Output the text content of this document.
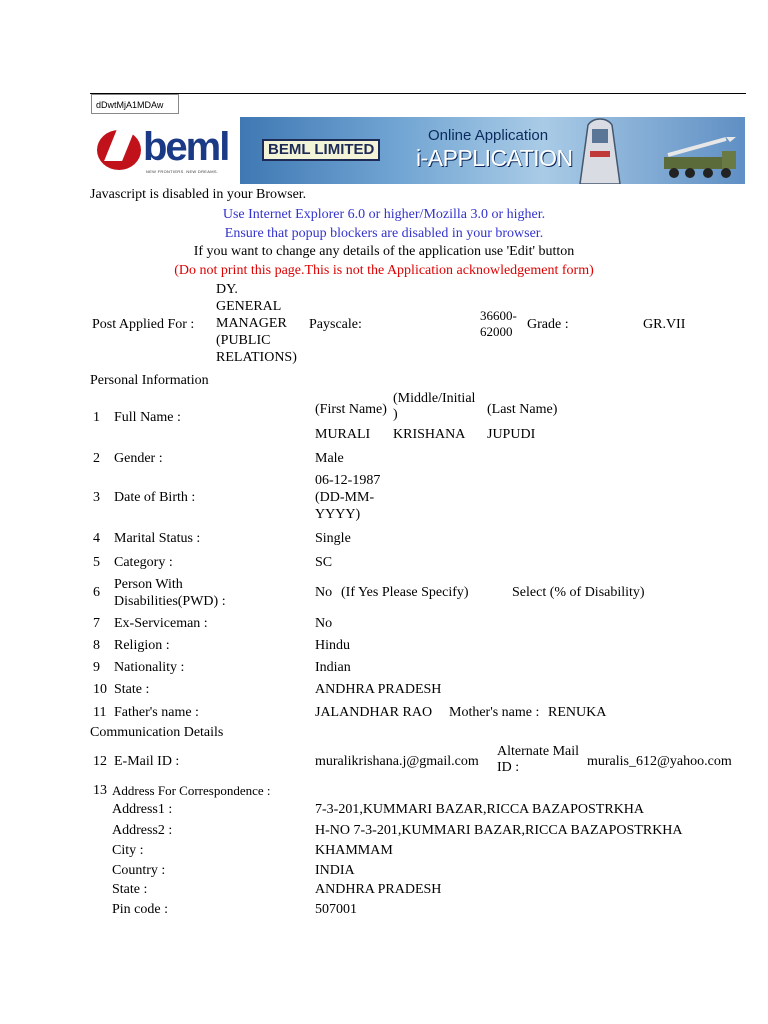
dDwtMjA1MDAw
beml
NEW FRONTIERS. NEW DREAMS.
BEML LIMITED
Online Application
i-APPLICATION
Javascript is disabled in your Browser.
Use Internet Explorer 6.0 or higher/Mozilla 3.0 or higher.
Ensure that popup blockers are disabled in your browser.
If you want to change any details of the application use 'Edit' button
(Do not print this page.This is not the Application acknowledgement form)
Post Applied For :
DY.
GENERAL
MANAGER
(PUBLIC
RELATIONS)
Payscale:
36600-
62000	Grade :	GR.VII
Personal Information
(First Name)
(Middle/Initial
)	(Last Name)
1 Full Name :
MURALI KRISHANA JUPUDI
2 Gender :	Male
3 Date of Birth :
06-12-1987
(DD-MM-
YYYY)
4 Marital Status :	Single
5 Category :	SC
6
Person With
Disabilities(PWD) :
No (If Yes Please Specify)	Select (% of Disability)
7 Ex-Serviceman :	No
8 Religion :	Hindu
9 Nationality :	Indian
10 State :	ANDHRA PRADESH
11 Father's name :	JALANDHAR RAO Mother's name : RENUKA
Communication Details
12 E-Mail ID :	muralikrishana.j@gmail.com
Alternate Mail
ID :	muralis_612@yahoo.com
13 Address For Correspondence :
Address1 :	7-3-201,KUMMARI BAZAR,RICCA BAZAPOSTRKHA
Address2 :	H-NO 7-3-201,KUMMARI BAZAR,RICCA BAZAPOSTRKHA
City :	KHAMMAM
Country :	INDIA
State :	ANDHRA PRADESH
Pin code :	507001
